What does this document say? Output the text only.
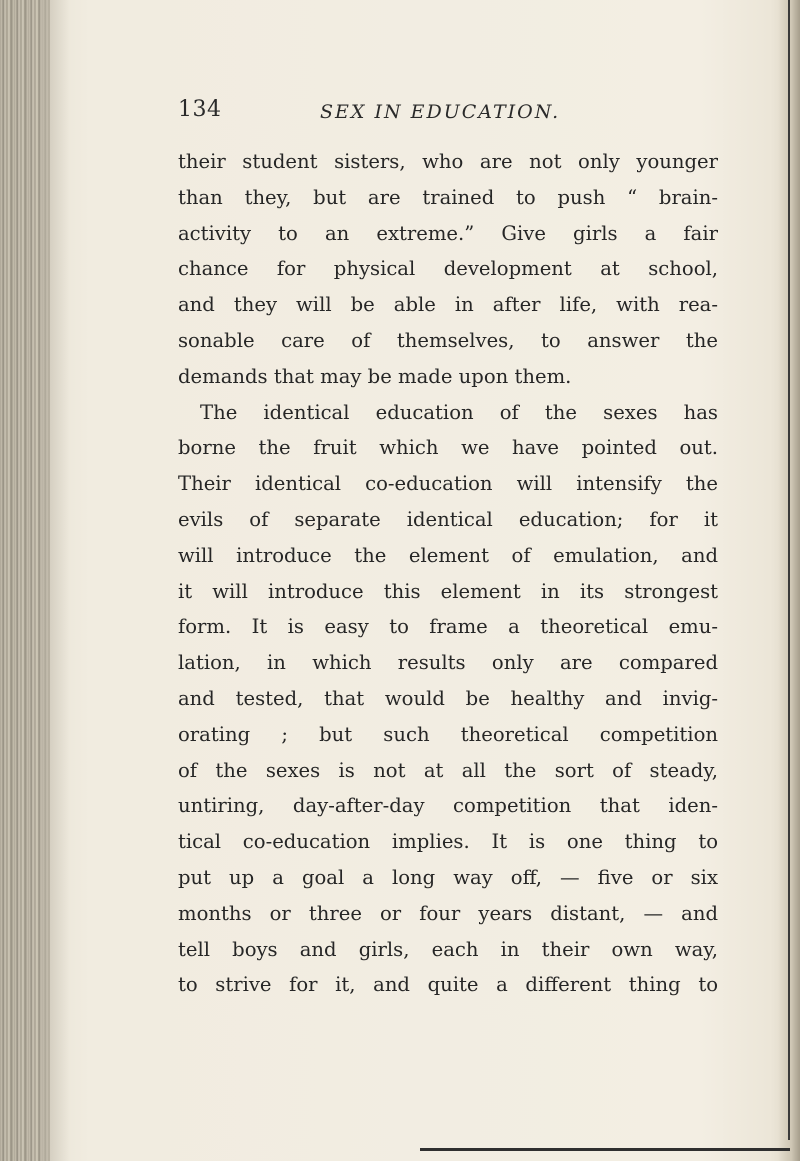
134	SEX IN EDUCATION.
their student sisters, who are not only younger
than they, but are trained to push “ brain-
activity to an extreme.” Give girls a fair
chance for physical development at school,
and they will be able in after life, with rea-
sonable care of themselves, to answer the
demands that may be made upon them.
The identical education of the sexes has
borne the fruit which we have pointed out.
Their identical co-education will intensify the
evils of separate identical education; for it
will introduce the element of emulation, and
it will introduce this element in its strongest
form. It is easy to frame a theoretical emu-
lation, in which results only are compared
and tested, that would be healthy and invig-
orating ; but such theoretical competition
of the sexes is not at all the sort of steady,
untiring, day-after-day competition that iden-
tical co-education implies. It is one thing to
put up a goal a long way off, — five or six
months or three or four years distant, — and
tell boys and girls, each in their own way,
to strive for it, and quite a different thing to
